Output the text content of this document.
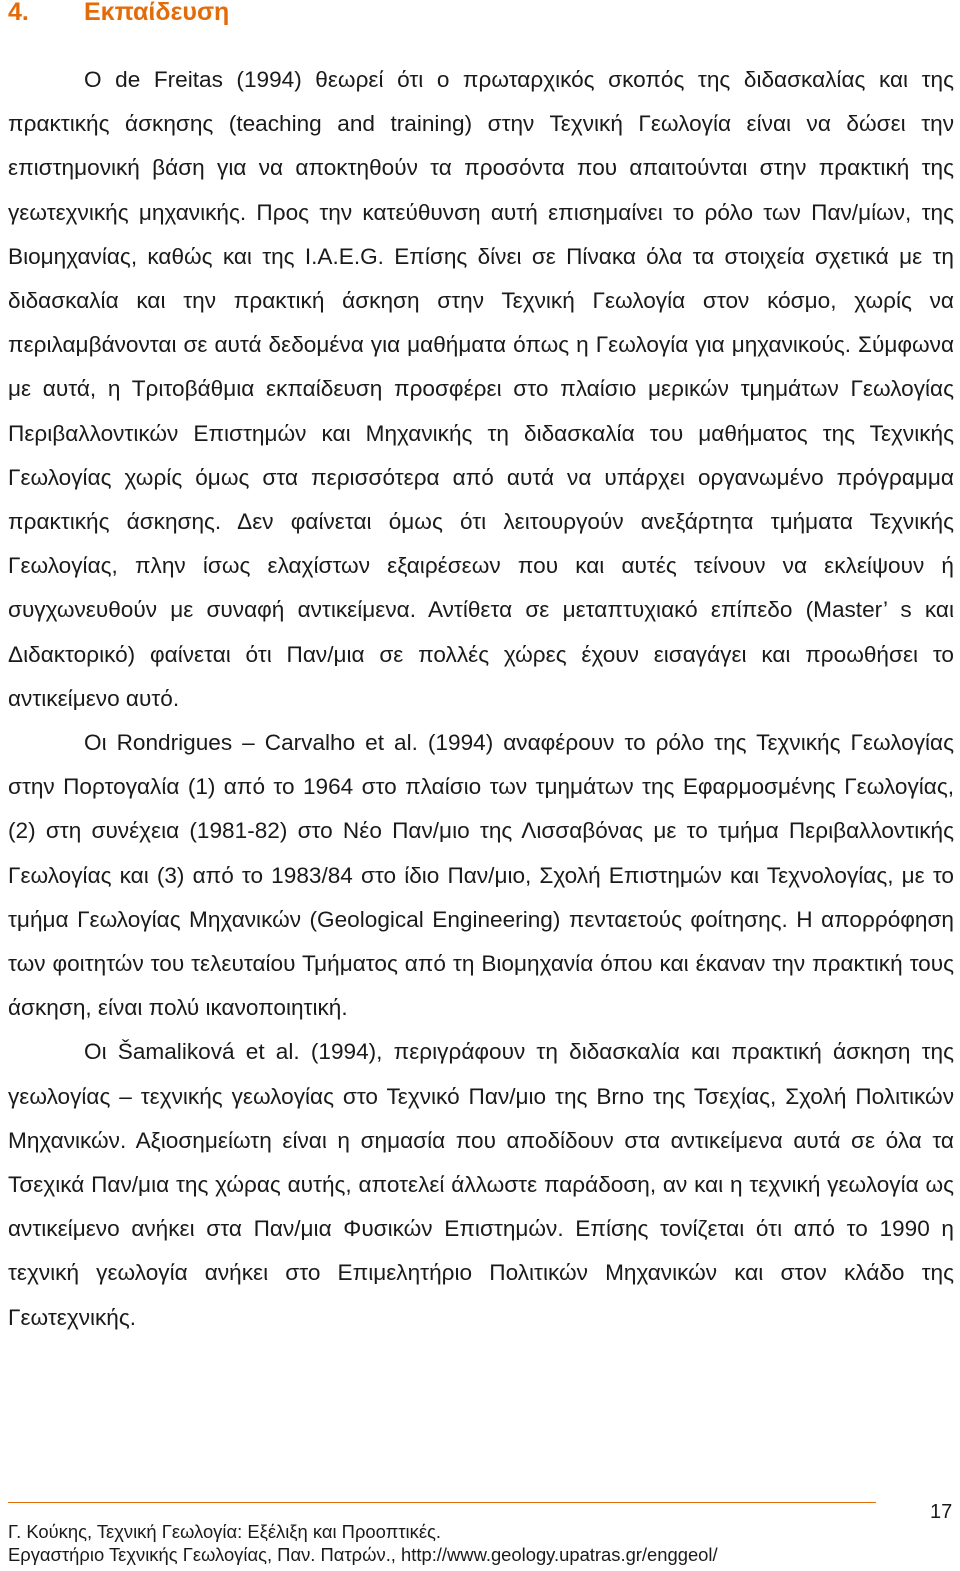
4. Εκπαίδευση

Ο de Freitas (1994) θεωρεί ότι ο πρωταρχικός σκοπός της διδασκαλίας και της πρακτικής άσκησης (teaching and training) στην Τεχνική Γεωλογία είναι να δώσει την επιστημονική βάση για να αποκτηθούν τα προσόντα που απαιτούνται στην πρακτική της γεωτεχνικής μηχανικής. Προς την κατεύθυνση αυτή επισημαίνει το ρόλο των Παν/μίων, της Βιομηχανίας, καθώς και της I.A.E.G. Επίσης δίνει σε Πίνακα όλα τα στοιχεία σχετικά με τη διδασκαλία και την πρακτική άσκηση στην Τεχνική Γεωλογία στον κόσμο, χωρίς να περιλαμβάνονται σε αυτά δεδομένα για μαθήματα όπως η Γεωλογία για μηχανικούς. Σύμφωνα με αυτά, η Τριτοβάθμια εκπαίδευση προσφέρει στο πλαίσιο μερικών τμημάτων Γεωλογίας Περιβαλλοντικών Επιστημών και Μηχανικής τη διδασκαλία του μαθήματος της Τεχνικής Γεωλογίας χωρίς όμως στα περισσότερα από αυτά να υπάρχει οργανωμένο πρόγραμμα πρακτικής άσκησης. Δεν φαίνεται όμως ότι λειτουργούν ανεξάρτητα τμήματα Τεχνικής Γεωλογίας, πλην ίσως ελαχίστων εξαιρέσεων που και αυτές τείνουν να εκλείψουν ή συγχωνευθούν με συναφή αντικείμενα. Αντίθετα σε μεταπτυχιακό επίπεδο (Master’ s και Διδακτορικό) φαίνεται ότι Παν/μια σε πολλές χώρες έχουν εισαγάγει και προωθήσει το αντικείμενο αυτό.

Οι Rondrigues – Carvalho et al. (1994) αναφέρουν το ρόλο της Τεχνικής Γεωλογίας στην Πορτογαλία (1) από το 1964 στο πλαίσιο των τμημάτων της Εφαρμοσμένης Γεωλογίας, (2) στη συνέχεια (1981-82) στο Νέο Παν/μιο της Λισσαβόνας με το τμήμα Περιβαλλοντικής Γεωλογίας και (3) από το 1983/84 στο ίδιο Παν/μιο, Σχολή Επιστημών και Τεχνολογίας, με το τμήμα Γεωλογίας Μηχανικών (Geological Engineering) πενταετούς φοίτησης. Η απορρόφηση των φοιτητών του τελευταίου Τμήματος από τη Βιομηχανία όπου και έκαναν την πρακτική τους άσκηση, είναι πολύ ικανοποιητική.

Οι Šamaliková et al. (1994), περιγράφουν τη διδασκαλία και πρακτική άσκηση της γεωλογίας – τεχνικής γεωλογίας στο Τεχνικό Παν/μιο της Brno της Τσεχίας, Σχολή Πολιτικών Μηχανικών. Αξιοσημείωτη είναι η σημασία που αποδίδουν στα αντικείμενα αυτά σε όλα τα Τσεχικά Παν/μια της χώρας αυτής, αποτελεί άλλωστε παράδοση, αν και η τεχνική γεωλογία ως αντικείμενο ανήκει στα Παν/μια Φυσικών Επιστημών. Επίσης τονίζεται ότι από το 1990 η τεχνική γεωλογία ανήκει στο Επιμελητήριο Πολιτικών Μηχανικών και στον κλάδο της Γεωτεχνικής.

17
Γ. Κούκης, Τεχνική Γεωλογία: Εξέλιξη και Προοπτικές.
Εργαστήριο Τεχνικής Γεωλογίας, Παν. Πατρών., http://www.geology.upatras.gr/enggeol/
